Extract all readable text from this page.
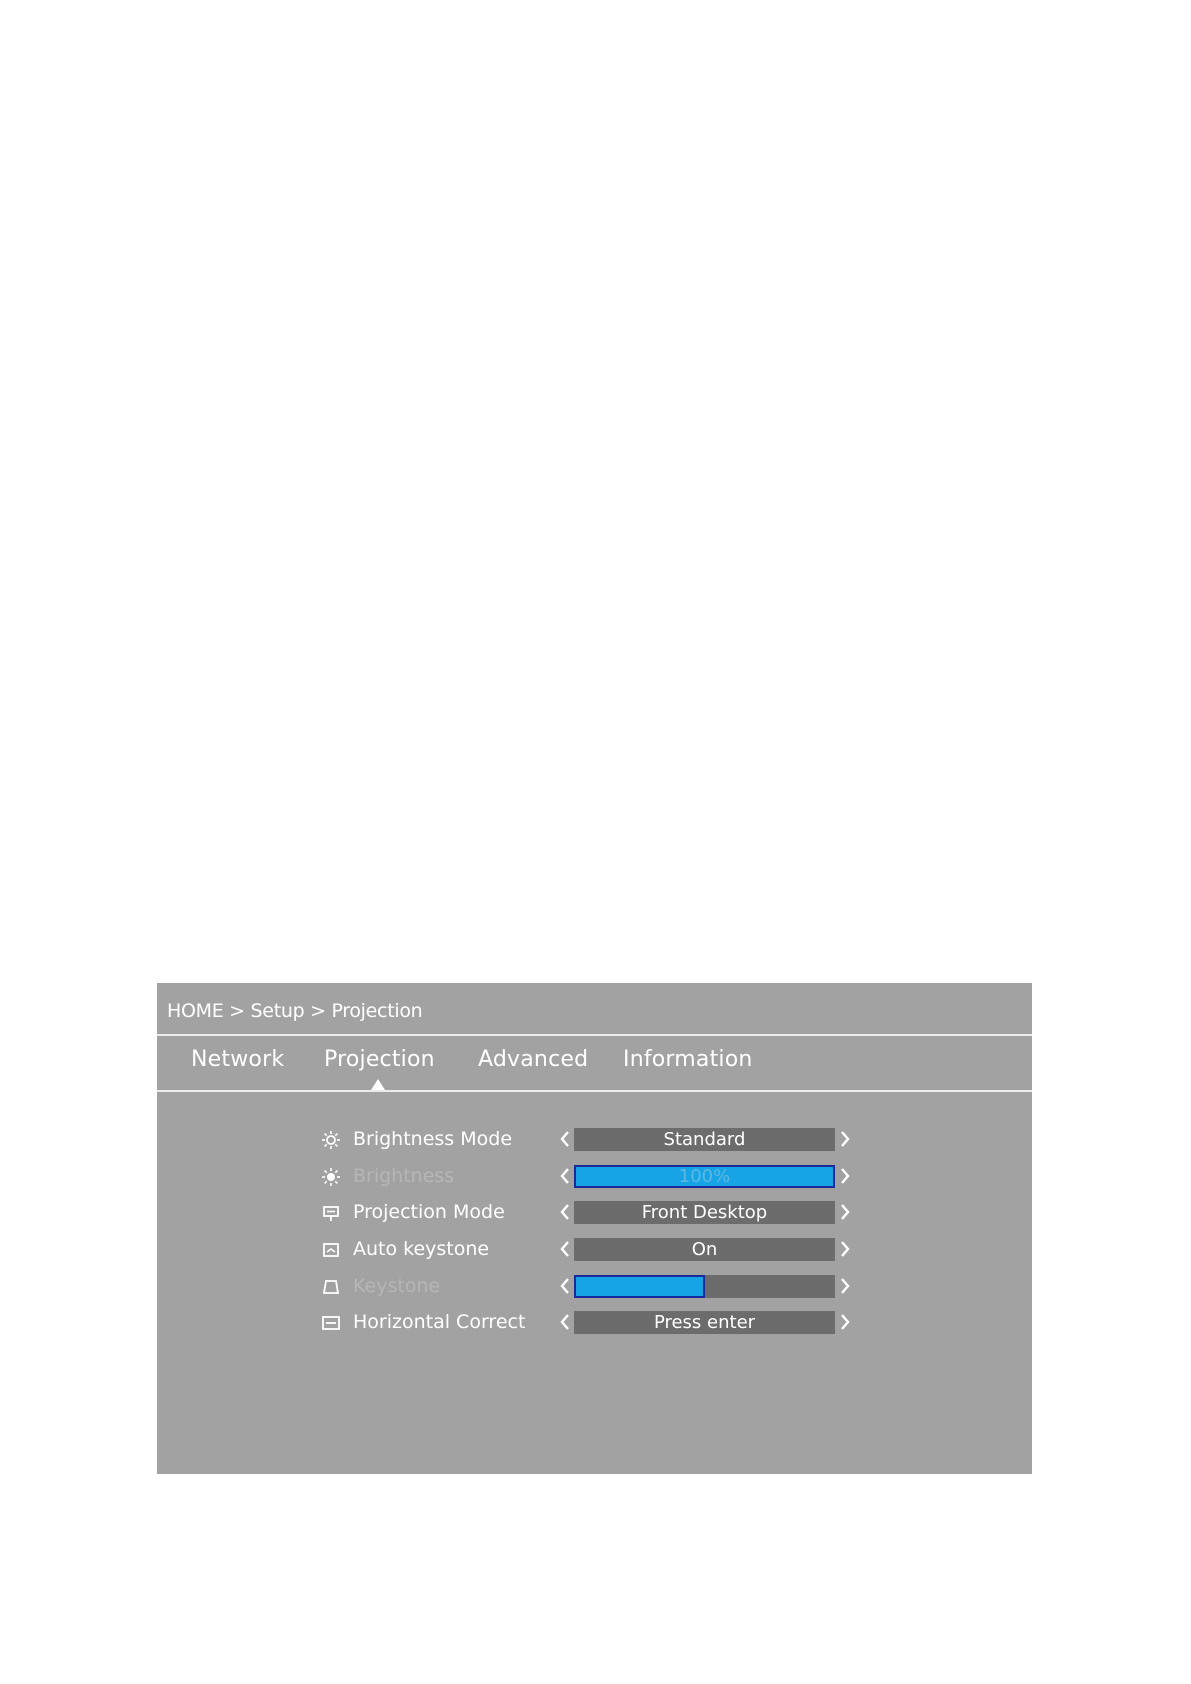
HOME > Setup > Projection
Network Projection Advanced Information
Brightness Mode	Standard
Brightness	100%
Projection Mode	Front Desktop
Auto keystone	On
Keystone
Horizontal Correct	Press enter
